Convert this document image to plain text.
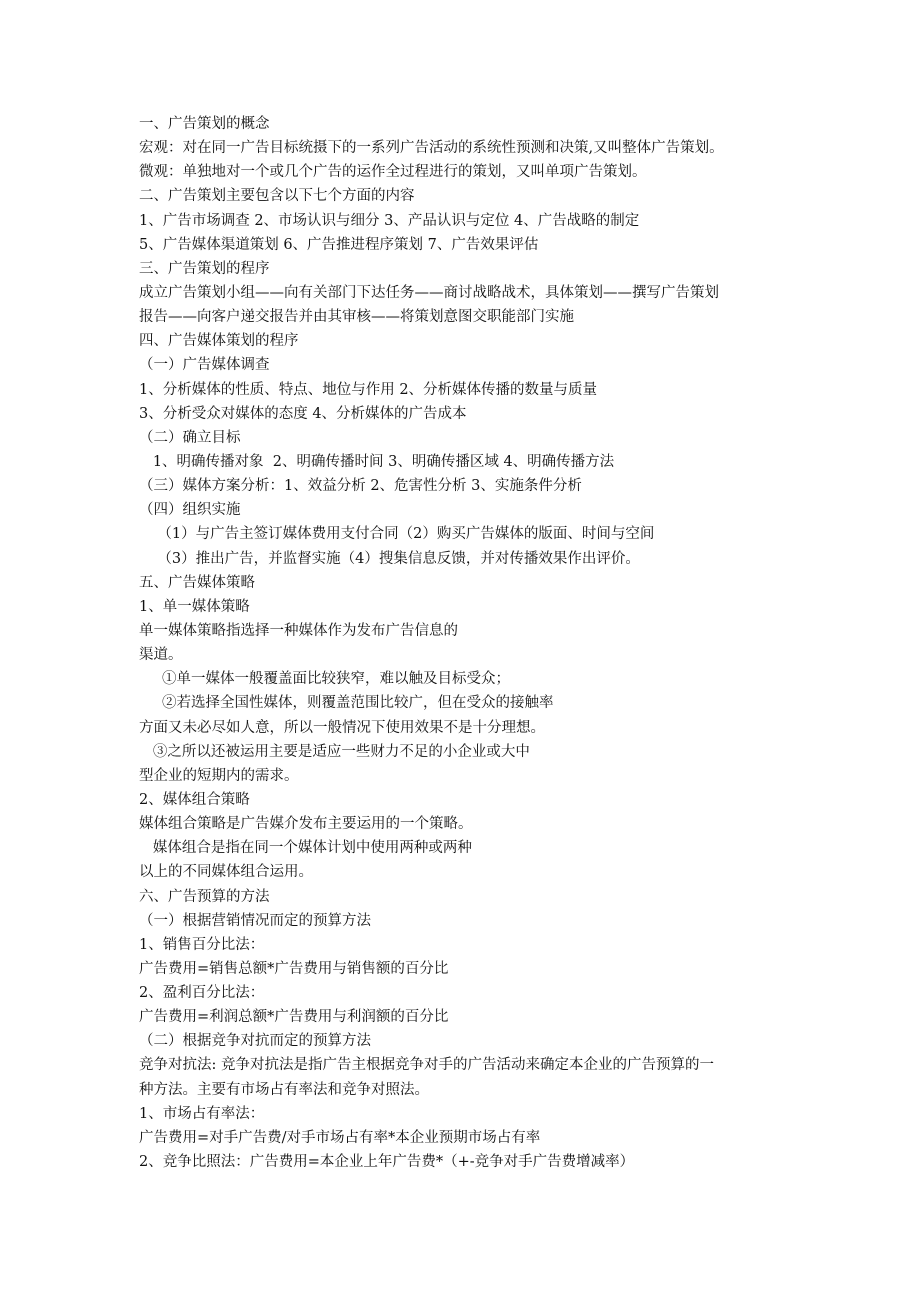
一、广告策划的概念
宏观：对在同一广告目标统摄下的一系列广告活动的系统性预测和决策,又叫整体广告策划。
微观：单独地对一个或几个广告的运作全过程进行的策划，又叫单项广告策划。
二、广告策划主要包含以下七个方面的内容
1、广告市场调查 2、市场认识与细分 3、产品认识与定位 4、广告战略的制定
5、广告媒体渠道策划 6、广告推进程序策划 7、广告效果评估
三、广告策划的程序
成立广告策划小组——向有关部门下达任务——商讨战略战术，具体策划——撰写广告策划
报告——向客户递交报告并由其审核——将策划意图交职能部门实施
四、广告媒体策划的程序
（一）广告媒体调查
1、分析媒体的性质、特点、地位与作用 2、分析媒体传播的数量与质量
3、分析受众对媒体的态度 4、分析媒体的广告成本
（二）确立目标
1、明确传播对象  2、明确传播时间 3、明确传播区域 4、明确传播方法
（三）媒体方案分析：1、效益分析 2、危害性分析 3、实施条件分析
（四）组织实施
（1）与广告主签订媒体费用支付合同（2）购买广告媒体的版面、时间与空间
（3）推出广告，并监督实施（4）搜集信息反馈，并对传播效果作出评价。
五、广告媒体策略
1、单一媒体策略
单一媒体策略指选择一种媒体作为发布广告信息的
渠道。
①单一媒体一般覆盖面比较狭窄，难以触及目标受众；
②若选择全国性媒体，则覆盖范围比较广，但在受众的接触率
方面又未必尽如人意，所以一般情况下使用效果不是十分理想。
③之所以还被运用主要是适应一些财力不足的小企业或大中
型企业的短期内的需求。
2、媒体组合策略
媒体组合策略是广告媒介发布主要运用的一个策略。
媒体组合是指在同一个媒体计划中使用两种或两种
以上的不同媒体组合运用。
六、广告预算的方法
（一）根据营销情况而定的预算方法
1、销售百分比法：
广告费用=销售总额*广告费用与销售额的百分比
2、盈利百分比法：
广告费用=利润总额*广告费用与利润额的百分比
（二）根据竞争对抗而定的预算方法
竞争对抗法: 竞争对抗法是指广告主根据竞争对手的广告活动来确定本企业的广告预算的一
种方法。主要有市场占有率法和竞争对照法。
1、市场占有率法：
广告费用=对手广告费/对手市场占有率*本企业预期市场占有率
2、竞争比照法：广告费用=本企业上年广告费*（+-竞争对手广告费增减率）
